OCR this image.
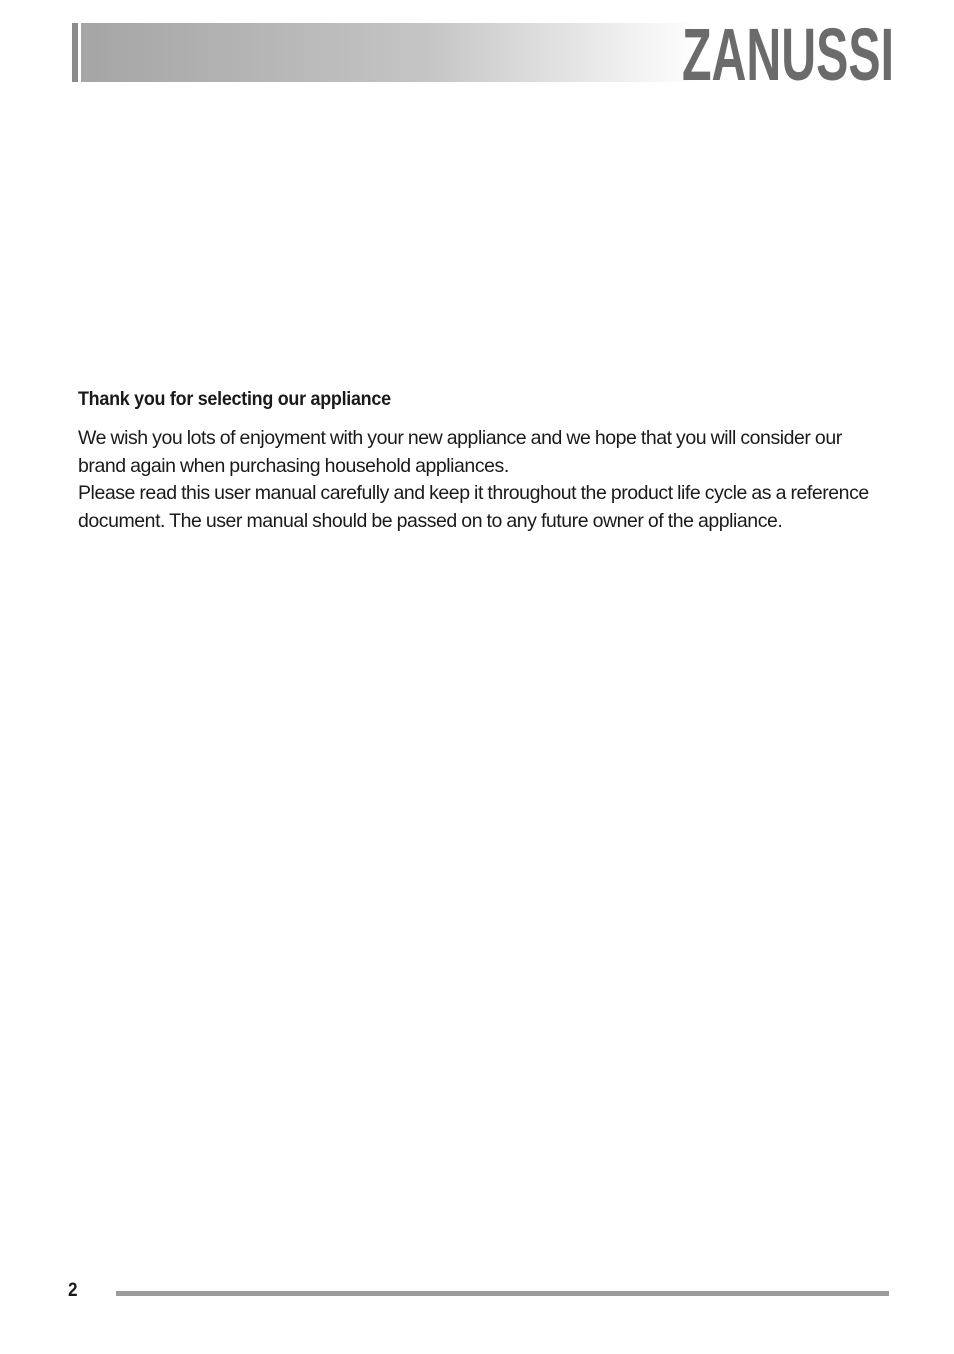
ZANUSSI
Thank you for selecting our appliance

We wish you lots of enjoyment with your new appliance and we hope that you will consider our brand again when purchasing household appliances.

Please read this user manual carefully and keep it throughout the product life cycle as a reference document. The user manual should be passed on to any future owner of the appliance.

2
